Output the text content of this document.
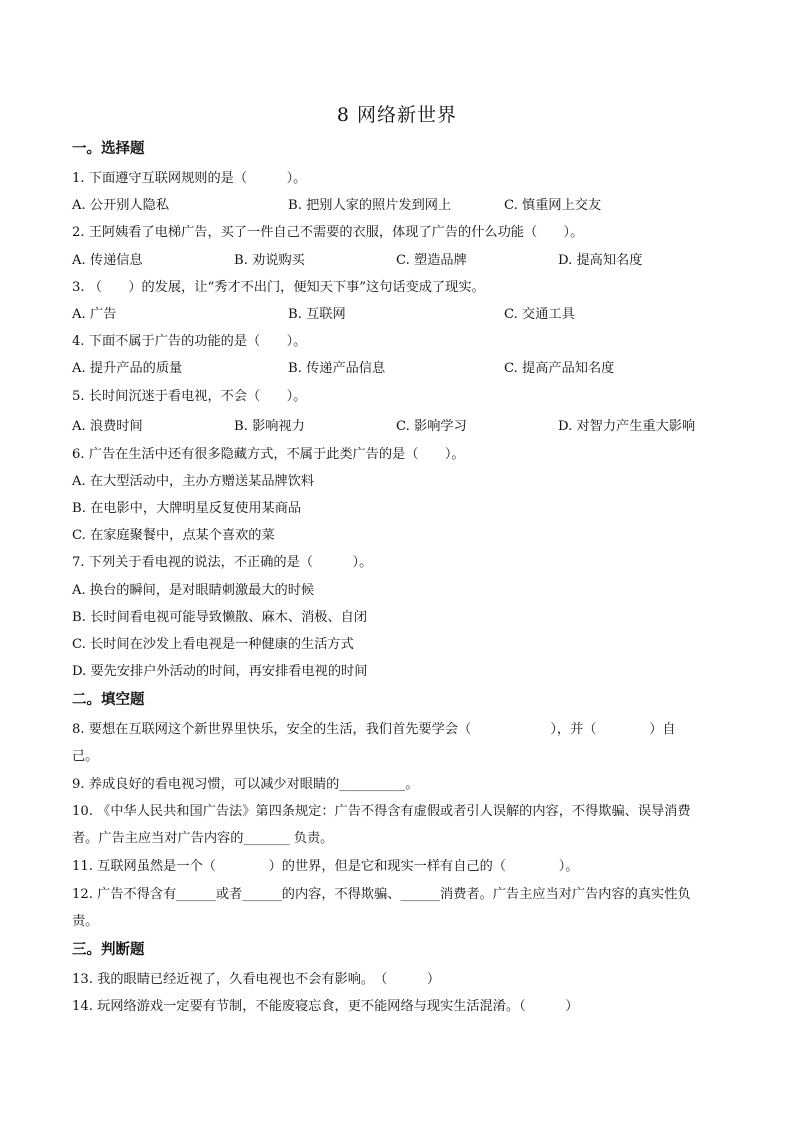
8 网络新世界
一。选择题
1. 下面遵守互联网规则的是（　　　）。
A. 公开别人隐私	B. 把别人家的照片发到网上	C. 慎重网上交友
2. 王阿姨看了电梯广告，买了一件自己不需要的衣服，体现了广告的什么功能（　　）。
A. 传递信息	B. 劝说购买	C. 塑造品牌	D. 提高知名度
3. （　　）的发展，让“秀才不出门，便知天下事”这句话变成了现实。
A. 广告	B. 互联网	C. 交通工具
4. 下面不属于广告的功能的是（　　）。
A. 提升产品的质量	B. 传递产品信息	C. 提高产品知名度
5. 长时间沉迷于看电视，不会（　　）。
A. 浪费时间	B. 影响视力	C. 影响学习	D. 对智力产生重大影响
6. 广告在生活中还有很多隐藏方式，不属于此类广告的是（　　）。
A. 在大型活动中，主办方赠送某品牌饮料
B. 在电影中，大牌明星反复使用某商品
C. 在家庭聚餐中，点某个喜欢的菜
7. 下列关于看电视的说法，不正确的是（　　　）。
A. 换台的瞬间，是对眼睛刺激最大的时候
B. 长时间看电视可能导致懒散、麻木、消极、自闭
C. 长时间在沙发上看电视是一种健康的生活方式
D. 要先安排户外活动的时间，再安排看电视的时间
二。填空题
8. 要想在互联网这个新世界里快乐，安全的生活，我们首先要学会（　　　　　　），并（　　　　）自
己。
9. 养成良好的看电视习惯，可以减少对眼睛的__________。
10. 《中华人民共和国广告法》第四条规定：广告不得含有虚假或者引人误解的内容，不得欺骗、误导消费
者。广告主应当对广告内容的_______ 负责。
11. 互联网虽然是一个（　　　　）的世界，但是它和现实一样有自己的（　　　　）。
12. 广告不得含有______或者______的内容，不得欺骗、______消费者。广告主应当对广告内容的真实性负
责。
三。判断题
13. 我的眼睛已经近视了，久看电视也不会有影响。　（　　　）
14. 玩网络游戏一定要有节制，不能废寝忘食，更不能网络与现实生活混淆。（　　　）
